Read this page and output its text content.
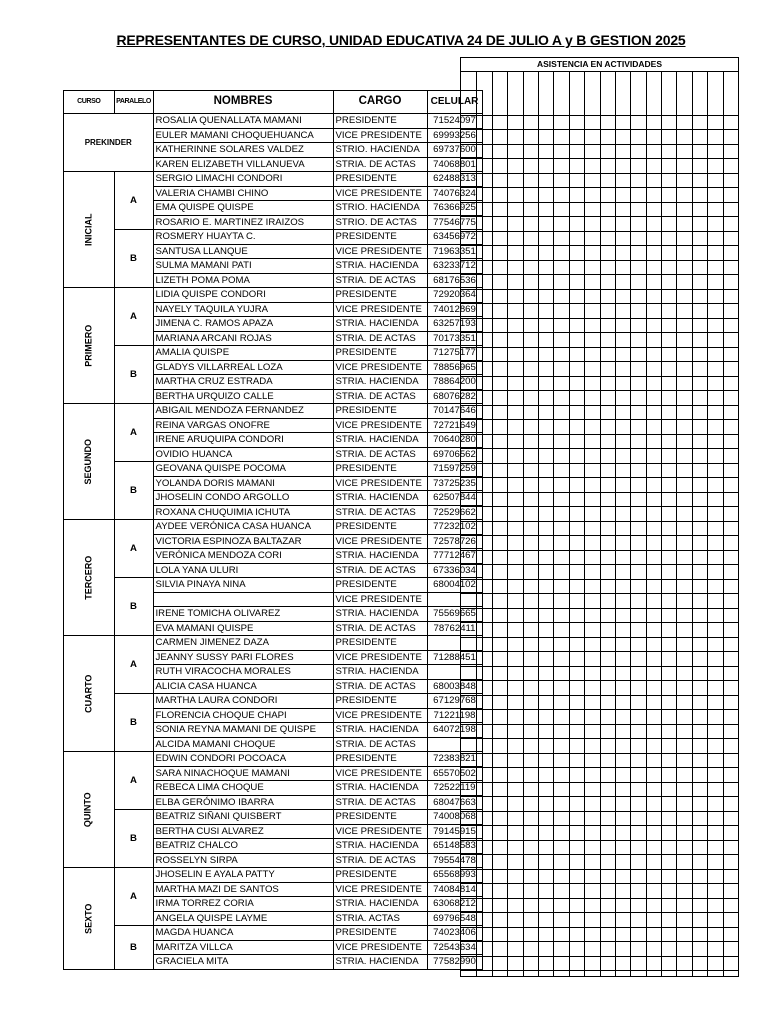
REPRESENTANTES DE CURSO, UNIDAD EDUCATIVA 24 DE JULIO A y B GESTION 2025
ASISTENCIA EN ACTIVIDADES
CURSO	PARALELO	NOMBRES	CARGO	CELULAR
PREKINDER		ROSALIA QUENALLATA MAMANI	PRESIDENTE	71524097
		EULER MAMANI CHOQUEHUANCA	VICE PRESIDENTE	69993256
		KATHERINNE SOLARES VALDEZ	STRIO. HACIENDA	69737600
		KAREN ELIZABETH VILLANUEVA	STRIA. DE ACTAS	74068801
INICIAL	A	SERGIO LIMACHI CONDORI	PRESIDENTE	62488313
		VALERIA CHAMBI CHINO	VICE PRESIDENTE	74076324
		EMA QUISPE QUISPE	STRIO. HACIENDA	76366925
		ROSARIO E. MARTINEZ IRAIZOS	STRIO. DE ACTAS	77546775
	B	ROSMERY HUAYTA C.	PRESIDENTE	63456972
		SANTUSA LLANQUE	VICE PRESIDENTE	71963351
		SULMA MAMANI PATI	STRIA. HACIENDA	63233712
		LIZETH POMA POMA	STRIA. DE ACTAS	68176536
PRIMERO	A	LIDIA QUISPE CONDORI	PRESIDENTE	72920364
		NAYELY TAQUILA YUJRA	VICE PRESIDENTE	74012869
		JIMENA C. RAMOS APAZA	STRIA. HACIENDA	63257193
		MARIANA ARCANI ROJAS	STRIA. DE ACTAS	70173351
	B	AMALIA QUISPE	PRESIDENTE	71275177
		GLADYS VILLARREAL LOZA	VICE PRESIDENTE	78856965
		MARTHA CRUZ ESTRADA	STRIA. HACIENDA	78864200
		BERTHA URQUIZO CALLE	STRIA. DE ACTAS	68076282
SEGUNDO	A	ABIGAIL MENDOZA FERNANDEZ	PRESIDENTE	70147646
		REINA VARGAS ONOFRE	VICE PRESIDENTE	72721649
		IRENE ARUQUIPA CONDORI	STRIA. HACIENDA	70640280
		OVIDIO HUANCA	STRIA. DE ACTAS	69706562
	B	GEOVANA QUISPE POCOMA	PRESIDENTE	71597259
		YOLANDA DORIS MAMANI	VICE PRESIDENTE	73725235
		JHOSELIN CONDO ARGOLLO	STRIA. HACIENDA	62507844
		ROXANA CHUQUIMIA ICHUTA	STRIA. DE ACTAS	72529662
TERCERO	A	AYDEE VERÓNICA CASA HUANCA	PRESIDENTE	77232102
		VICTORIA ESPINOZA BALTAZAR	VICE PRESIDENTE	72578726
		VERÓNICA MENDOZA CORI	STRIA. HACIENDA	77712467
		LOLA YANA ULURI	STRIA. DE ACTAS	67336034
	B	SILVIA PINAYA NINA	PRESIDENTE	68004102
			VICE PRESIDENTE	
		IRENE TOMICHA OLIVAREZ	STRIA. HACIENDA	75569665
		EVA MAMANI QUISPE	STRIA. DE ACTAS	78762411
CUARTO	A	CARMEN JIMENEZ DAZA	PRESIDENTE	
		JEANNY SUSSY PARI FLORES	VICE PRESIDENTE	71288451
		RUTH VIRACOCHA MORALES	STRIA. HACIENDA	
		ALICIA CASA HUANCA	STRIA. DE ACTAS	68003848
	B	MARTHA LAURA CONDORI	PRESIDENTE	67129768
		FLORENCIA CHOQUE CHAPI	VICE PRESIDENTE	71221198
		SONIA REYNA MAMANI DE QUISPE	STRIA. HACIENDA	64072198
		ALCIDA MAMANI CHOQUE	STRIA. DE ACTAS	
QUINTO	A	EDWIN CONDORI POCOACA	PRESIDENTE	72383821
		SARA NINACHOQUE MAMANI	VICE PRESIDENTE	65570502
		REBECA LIMA CHOQUE	STRIA. HACIENDA	72522119
		ELBA GERÓNIMO IBARRA	STRIA. DE ACTAS	68047663
	B	BEATRIZ SIÑANI QUISBERT	PRESIDENTE	74008068
		BERTHA CUSI ALVAREZ	VICE PRESIDENTE	79145915
		BEATRIZ CHALCO	STRIA. HACIENDA	65148583
		ROSSELYN SIRPA	STRIA. DE ACTAS	79554478
SEXTO	A	JHOSELIN E AYALA PATTY	PRESIDENTE	65568993
		MARTHA MAZI DE SANTOS	VICE PRESIDENTE	74084814
		IRMA TORREZ CORIA	STRIA. HACIENDA	63068212
		ANGELA QUISPE LAYME	STRIA. ACTAS	69796548
	B	MAGDA HUANCA	PRESIDENTE	74023406
		MARITZA VILLCA	VICE PRESIDENTE	72543634
		GRACIELA MITA	STRIA. HACIENDA	77582990
